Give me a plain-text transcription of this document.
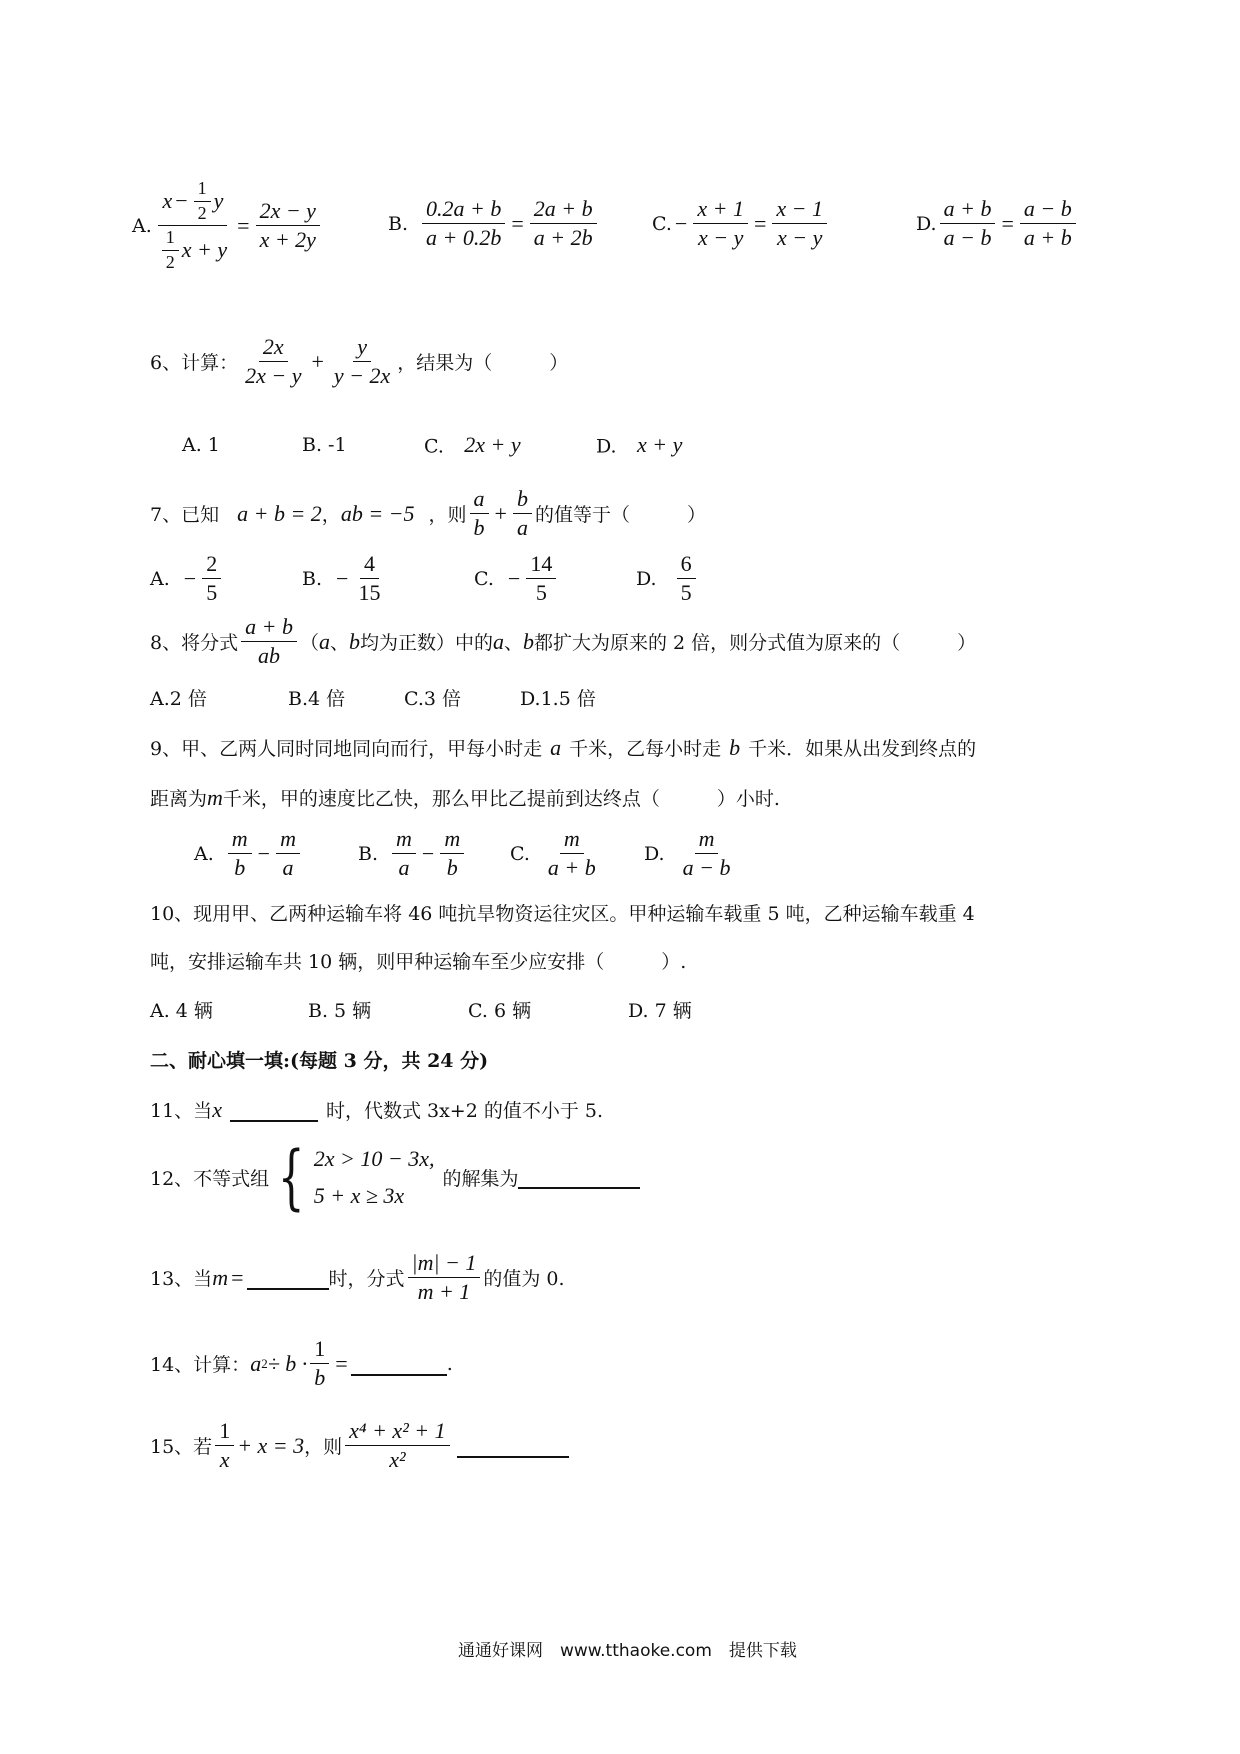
A. $\frac{x - \frac{1}{2} y}{\frac{1}{2} x + y} = \frac{2x - y}{x + 2y}$	B. $\frac{0.2a + b}{a + 0.2b} = \frac{2a + b}{a + 2b}$	C. − $\frac{x + 1}{x - y} = \frac{x - 1}{x - y}$	D. $\frac{a + b}{a - b} = \frac{a - b}{a + b}$
6、计算： $\frac{2x}{2x - y} + \frac{y}{y - 2x}$ ，结果为（　　　）
A. 1	B. -1	C. 2x + y	D. x + y
7、已知 a + b = 2 ， ab = −5 ，则 $\frac{a}{b} + \frac{b}{a}$ 的值等于（　　　）
A. − $\frac{2}{5}$	B. − $\frac{4}{15}$	C. − $\frac{14}{5}$	D. $\frac{6}{5}$
8、将分式 $\frac{a + b}{ab}$ （ a 、 b 均为正数）中的 a 、 b 都扩大为原来的 2 倍，则分式值为原来的（　　　）
A.2 倍	B.4 倍	C.3 倍	D.1.5 倍
9、甲、乙两人同时同地同向而行，甲每小时走 a 千米，乙每小时走 b 千米．如果从出发到终点的
距离为 m 千米，甲的速度比乙快，那么甲比乙提前到达终点（　　　）小时.
A. $\frac{m}{b} - \frac{m}{a}$	B. $\frac{m}{a} - \frac{m}{b} C$. $\frac{m}{a + b} D$. $\frac{m}{a - b}$
10、现用甲、乙两种运输车将 46 吨抗旱物资运往灾区。甲种运输车载重 5 吨，乙种运输车载重 4
吨，安排运输车共 10 辆，则甲种运输车至少应安排（　　　）.
A. 4 辆	B. 5 辆	C. 6 辆	D. 7 辆
二、耐心填一填:(每题 3 分，共 24 分)
11、当 x	时，代数式 3x+2 的值不小于 5.
12、不等式组 { 2x > 10 − 3x,
5 + x ≥ 3x
的解集为
13、当 m =	时，分式 $\frac{|m| - 1}{m + 1}$ 的值为 0.
14、计算： a $2 \div b \cdot \frac{1}{b}$ =	.
15、若 $\frac{1}{x} + x = 3$ ，则 $\frac{\text{x⁴ + x² + 1}}{\text{x²}}$
通通好课网　www.tthaoke.com　提供下载
